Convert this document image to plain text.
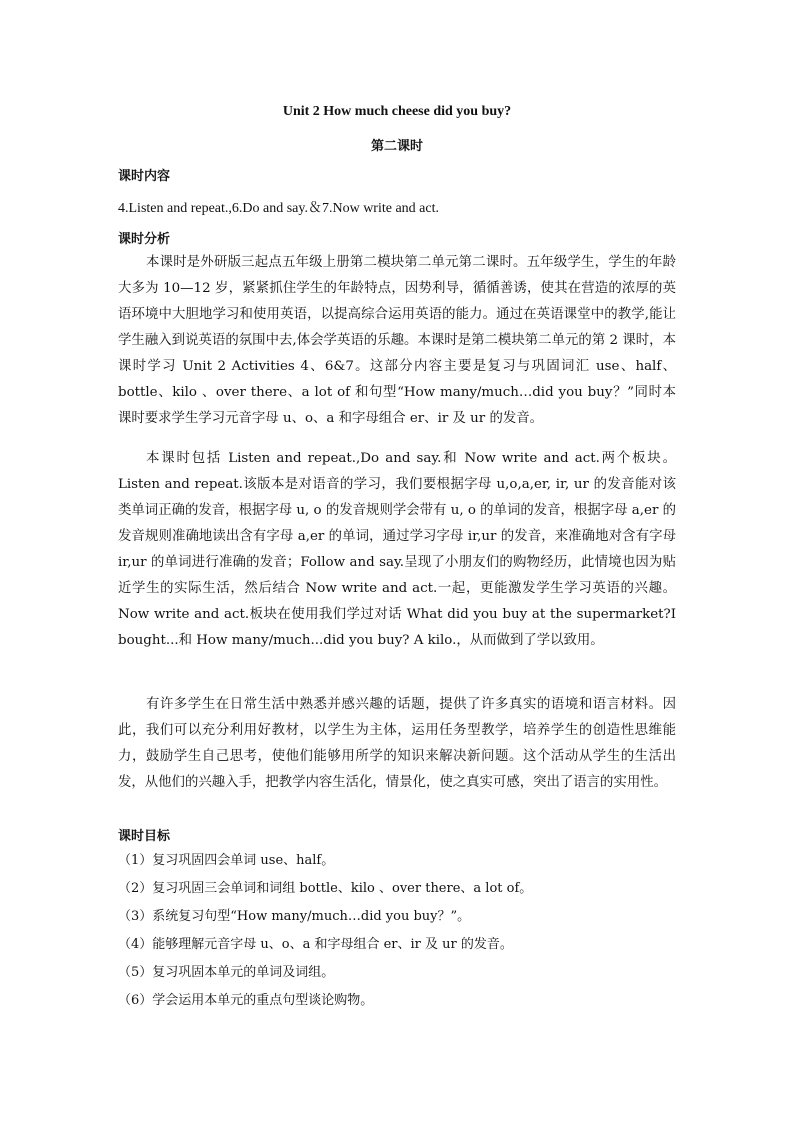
Unit 2 How much cheese did you buy?
第二课时
课时内容
4.Listen and repeat.,6.Do and say.＆7.Now write and act.
课时分析

本课时是外研版三起点五年级上册第二模块第二单元第二课时。五年级学生，学生的年龄大多为 10—12 岁，紧紧抓住学生的年龄特点，因势利导，循循善诱，使其在营造的浓厚的英语环境中大胆地学习和使用英语，以提高综合运用英语的能力。通过在英语课堂中的教学,能让学生融入到说英语的氛围中去,体会学英语的乐趣。本课时是第二模块第二单元的第 2 课时，本课时学习 Unit 2 Activities 4、6&7。这部分内容主要是复习与巩固词汇 use、half、bottle、kilo 、over there、a lot of 和句型“How many/much…did you buy？”同时本课时要求学生学习元音字母 u、o、a 和字母组合 er、ir 及 ur 的发音。

本课时包括 Listen and repeat.,Do and say.和 Now write and act.两个板块。Listen and repeat.该版本是对语音的学习，我们要根据字母 u,o,a,er, ir, ur 的发音能对该类单词正确的发音，根据字母 u, o 的发音规则学会带有 u, o 的单词的发音，根据字母 a,er 的发音规则准确地读出含有字母 a,er 的单词，通过学习字母 ir,ur 的发音，来准确地对含有字母 ir,ur 的单词进行准确的发音；Follow and say.呈现了小朋友们的购物经历，此情境也因为贴近学生的实际生活，然后结合 Now write and act.一起，更能激发学生学习英语的兴趣。Now write and act.板块在使用我们学过对话 What did you buy at the supermarket?I bought...和 How many/much...did you buy? A kilo.，从而做到了学以致用。

有许多学生在日常生活中熟悉并感兴趣的话题，提供了许多真实的语境和语言材料。因此，我们可以充分利用好教材，以学生为主体，运用任务型教学，培养学生的创造性思维能力，鼓励学生自己思考，使他们能够用所学的知识来解决新问题。这个活动从学生的生活出发，从他们的兴趣入手，把教学内容生活化，情景化，使之真实可感，突出了语言的实用性。

课时目标
（1）复习巩固四会单词 use、half。
（2）复习巩固三会单词和词组 bottle、kilo 、over there、a lot of。
（3）系统复习句型“How many/much…did you buy？”。
（4）能够理解元音字母 u、o、a 和字母组合 er、ir 及 ur 的发音。
（5）复习巩固本单元的单词及词组。
（6）学会运用本单元的重点句型谈论购物。
